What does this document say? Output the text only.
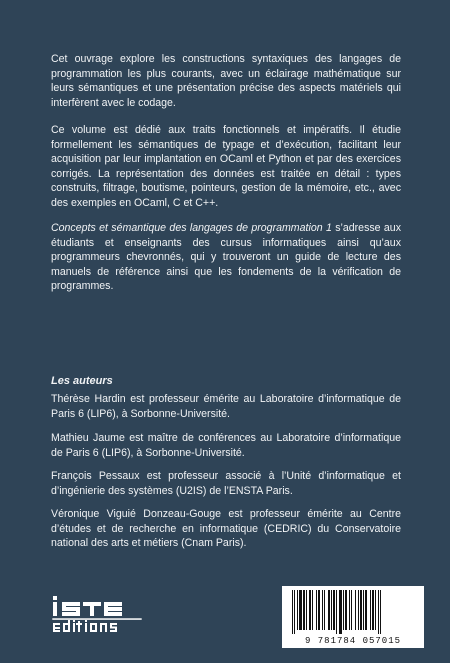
Cet ouvrage explore les constructions syntaxiques des langages de programmation les plus courants, avec un éclairage mathématique sur leurs sémantiques et une présentation précise des aspects matériels qui interfèrent avec le codage.

Ce volume est dédié aux traits fonctionnels et impératifs. Il étudie formellement les sémantiques de typage et d’exécution, facilitant leur acquisition par leur implantation en OCaml et Python et par des exercices corrigés. La représentation des données est traitée en détail : types construits, filtrage, boutisme, pointeurs, gestion de la mémoire, etc., avec des exemples en OCaml, C et C++.

Concepts et sémantique des langages de programmation 1 s’adresse aux étudiants et enseignants des cursus informatiques ainsi qu’aux programmeurs chevronnés, qui y trouveront un guide de lecture des manuels de référence ainsi que les fondements de la vérification de programmes.

Les auteurs

Thérèse Hardin est professeur émérite au Laboratoire d’informatique de Paris 6 (LIP6), à Sorbonne-Université.

Mathieu Jaume est maître de conférences au Laboratoire d’informatique de Paris 6 (LIP6), à Sorbonne-Université.

François Pessaux est professeur associé à l’Unité d’informatique et d’ingénierie des systèmes (U2IS) de l’ENSTA Paris.

Véronique Viguié Donzeau-Gouge est professeur émérite au Centre d’études et de recherche en informatique (CEDRIC) du Conservatoire national des arts et métiers (Cnam Paris).

9 781784 057015
